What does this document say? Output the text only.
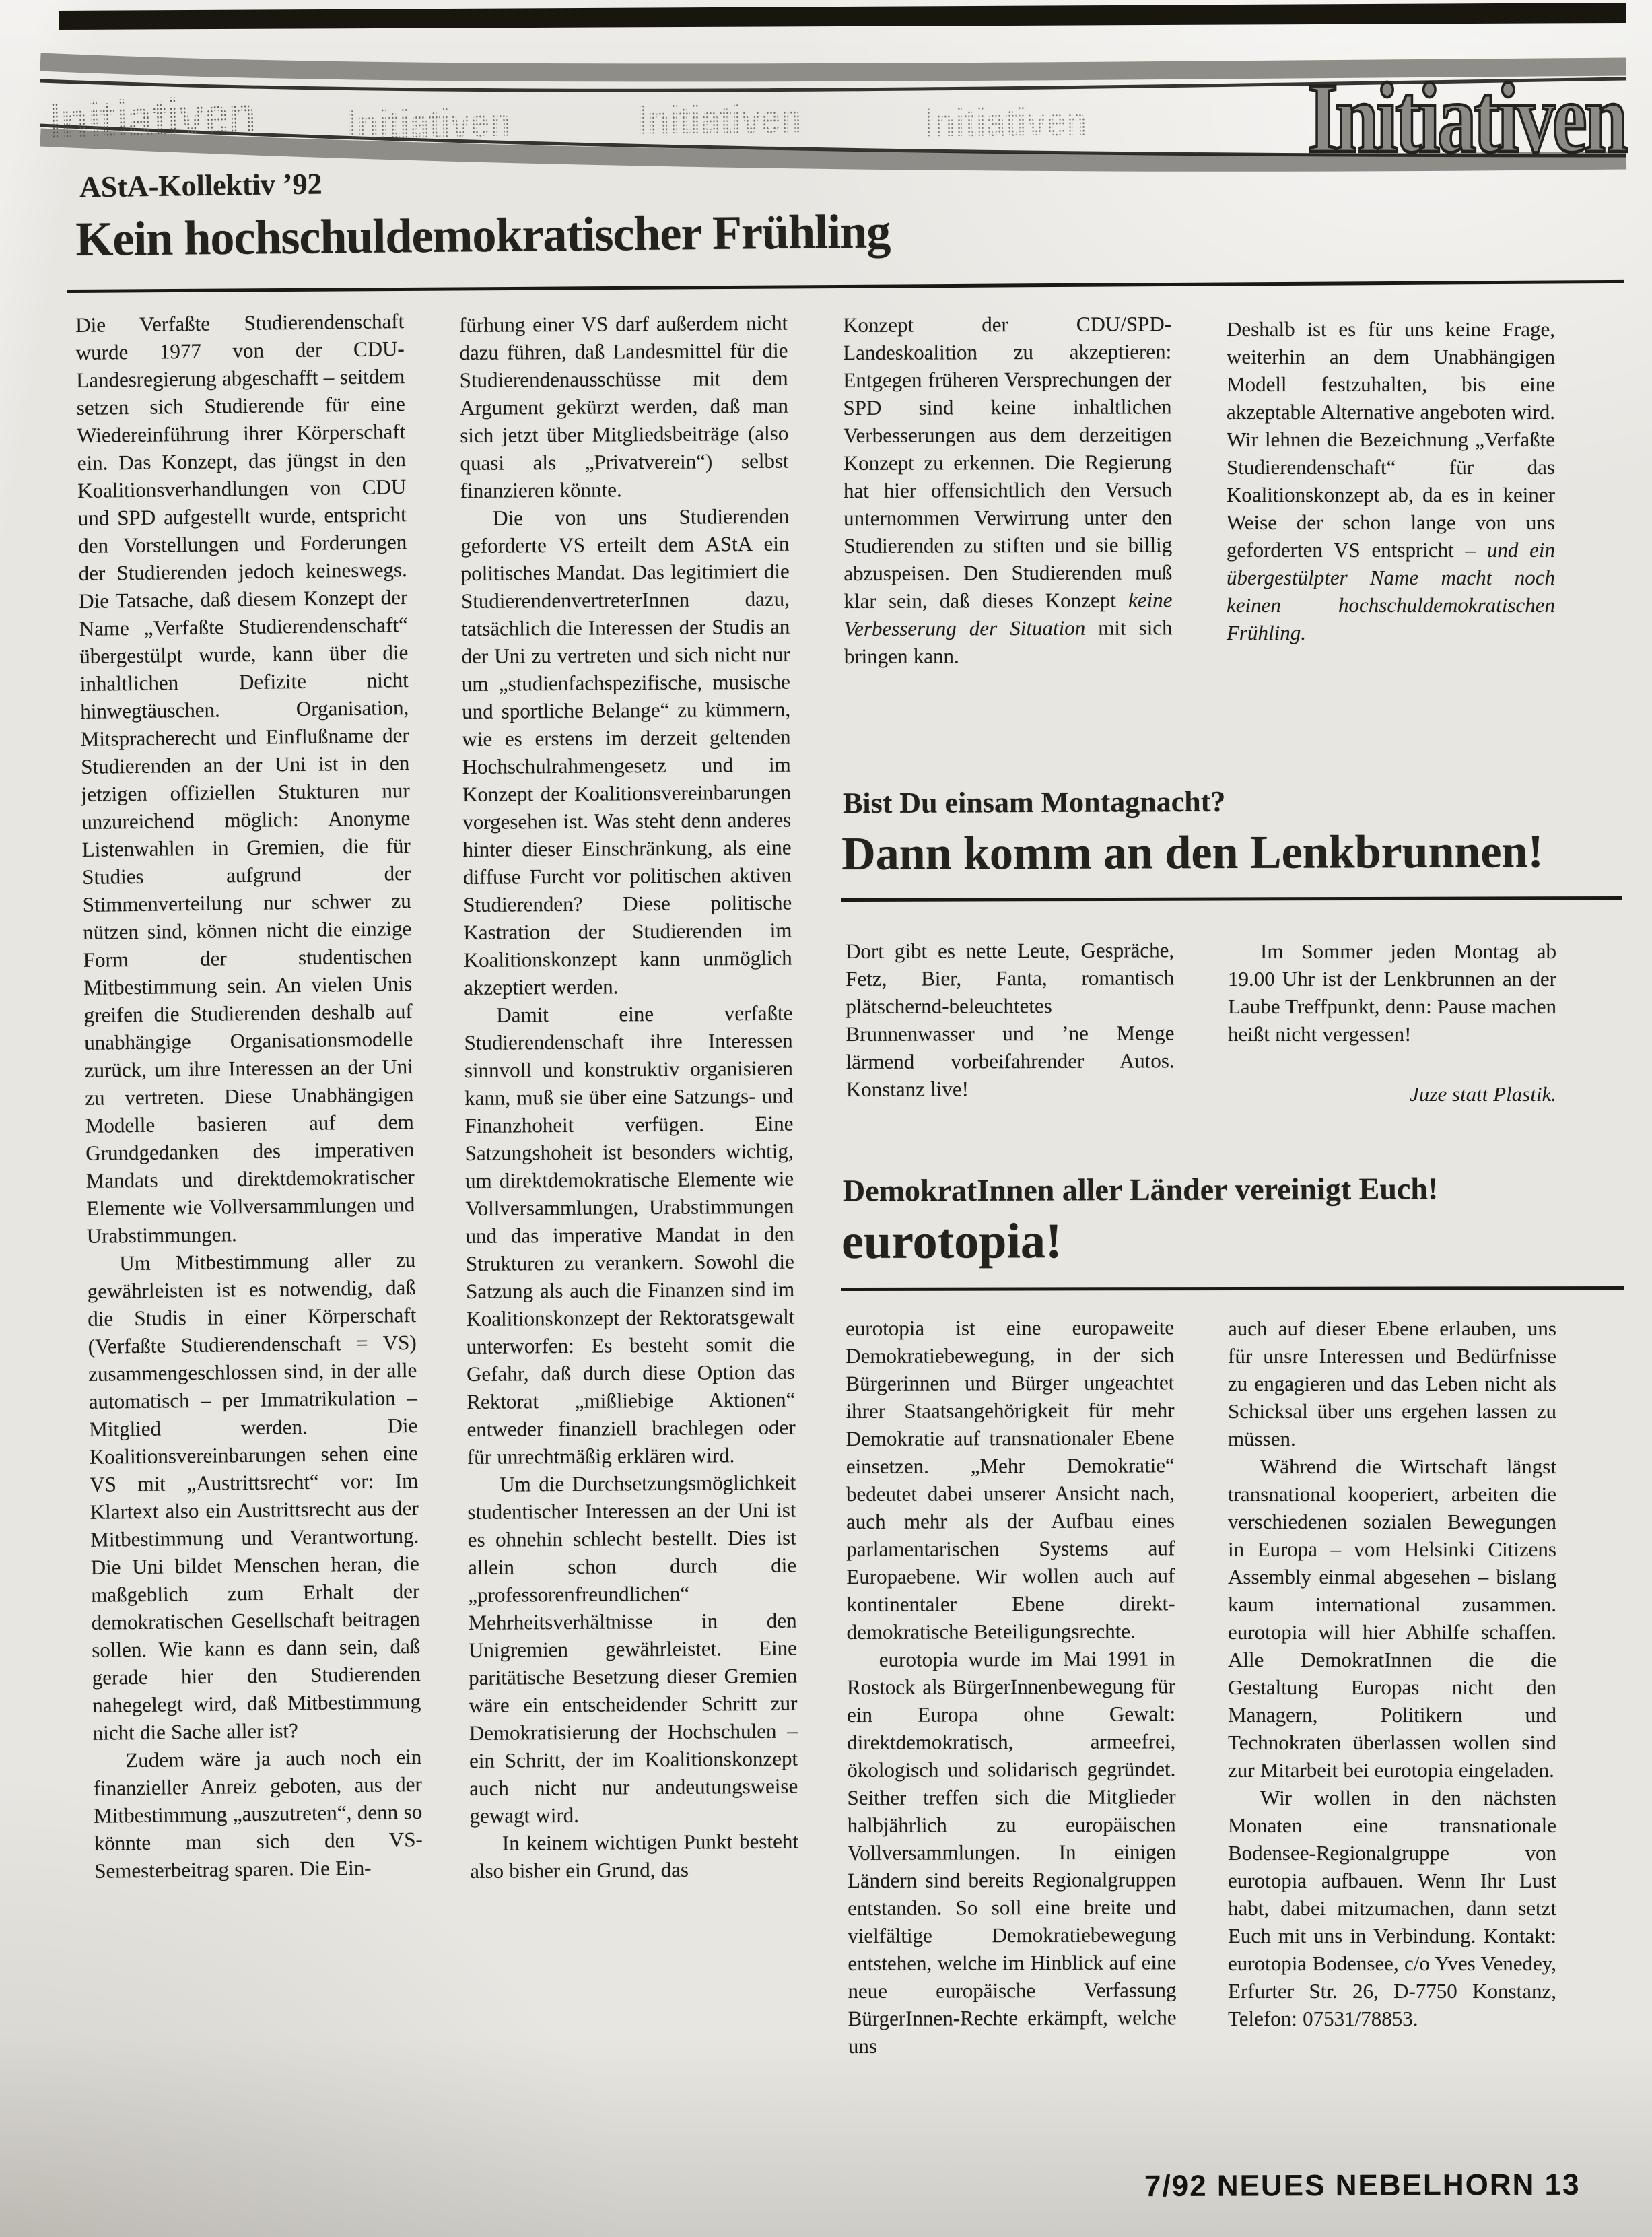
Initiativen	Initiativen	Initiativen	Initiativen	Initiativen
AStA-Kollektiv ’92
Kein hochschuldemokratischer Frühling

Die Verfaßte Studierendenschaft wurde 1977 von der CDU-Landesregierung abgeschafft – seitdem setzen sich Studierende für eine Wiedereinführung ihrer Körperschaft ein. Das Konzept, das jüngst in den Koalitionsverhandlungen von CDU und SPD aufgestellt wurde, entspricht den Vorstellungen und Forderungen der Studierenden jedoch keineswegs. Die Tatsache, daß diesem Konzept der Name „Verfaßte Studierendenschaft“ übergestülpt wurde, kann über die inhaltlichen Defizite nicht hinwegtäuschen. Organisation, Mitspracherecht und Einflußname der Studierenden an der Uni ist in den jetzigen offiziellen Stukturen nur unzureichend möglich: Anonyme Listenwahlen in Gremien, die für Studies aufgrund der Stimmenverteilung nur schwer zu nützen sind, können nicht die einzige Form der studentischen Mitbestimmung sein. An vielen Unis greifen die Studierenden deshalb auf unabhängige Organisationsmodelle zurück, um ihre Interessen an der Uni zu vertreten. Diese Unabhängigen Modelle basieren auf dem Grundgedanken des imperativen Mandats und direktdemokratischer Elemente wie Vollversammlungen und Urabstimmungen.

Um Mitbestimmung aller zu gewährleisten ist es notwendig, daß die Studis in einer Körperschaft (Verfaßte Studierendenschaft = VS) zusammengeschlossen sind, in der alle automatisch – per Immatrikulation – Mitglied werden. Die Koalitionsvereinbarungen sehen eine VS mit „Austrittsrecht“ vor: Im Klartext also ein Austrittsrecht aus der Mitbestimmung und Verantwortung. Die Uni bildet Menschen heran, die maßgeblich zum Erhalt der demokratischen Gesellschaft beitragen sollen. Wie kann es dann sein, daß gerade hier den Studierenden nahegelegt wird, daß Mitbestimmung nicht die Sache aller ist?

Zudem wäre ja auch noch ein finanzieller Anreiz geboten, aus der Mitbestimmung „auszutreten“, denn so könnte man sich den VS-Semesterbeitrag sparen. Die Ein-

fürhung einer VS darf außerdem nicht dazu führen, daß Landesmittel für die Studierendenausschüsse mit dem Argument gekürzt werden, daß man sich jetzt über Mitgliedsbeiträge (also quasi als „Privatverein“) selbst finanzieren könnte.

Die von uns Studierenden geforderte VS erteilt dem AStA ein politisches Mandat. Das legitimiert die StudierendenvertreterInnen dazu, tatsächlich die Interessen der Studis an der Uni zu vertreten und sich nicht nur um „studienfachspezifische, musische und sportliche Belange“ zu kümmern, wie es erstens im derzeit geltenden Hochschulrahmengesetz und im Konzept der Koalitionsvereinbarungen vorgesehen ist. Was steht denn anderes hinter dieser Einschränkung, als eine diffuse Furcht vor politischen aktiven Studierenden? Diese politische Kastration der Studierenden im Koalitionskonzept kann unmöglich akzeptiert werden.

Damit eine verfaßte Studierendenschaft ihre Interessen sinnvoll und konstruktiv organisieren kann, muß sie über eine Satzungs- und Finanzhoheit verfügen. Eine Satzungshoheit ist besonders wichtig, um direktdemokratische Elemente wie Vollversammlungen, Urabstimmungen und das imperative Mandat in den Strukturen zu verankern. Sowohl die Satzung als auch die Finanzen sind im Koalitionskonzept der Rektoratsgewalt unterworfen: Es besteht somit die Gefahr, daß durch diese Option das Rektorat „mißliebige Aktionen“ entweder finanziell brachlegen oder für unrechtmäßig erklären wird.

Um die Durchsetzungsmöglichkeit studentischer Interessen an der Uni ist es ohnehin schlecht bestellt. Dies ist allein schon durch die „professorenfreundlichen“ Mehrheitsverhältnisse in den Unigremien gewährleistet. Eine paritätische Besetzung dieser Gremien wäre ein entscheidender Schritt zur Demokratisierung der Hochschulen – ein Schritt, der im Koalitionskonzept auch nicht nur andeutungsweise gewagt wird.

In keinem wichtigen Punkt besteht also bisher ein Grund, das

Konzept der CDU/SPD-Landeskoalition zu akzeptieren: Entgegen früheren Versprechungen der SPD sind keine inhaltlichen Verbesserungen aus dem derzeitigen Konzept zu erkennen. Die Regierung hat hier offensichtlich den Versuch unternommen Verwirrung unter den Studierenden zu stiften und sie billig abzuspeisen. Den Studierenden muß klar sein, daß dieses Konzept keine Verbesserung der Situation mit sich bringen kann.

Deshalb ist es für uns keine Frage, weiterhin an dem Unabhängigen Modell festzuhalten, bis eine akzeptable Alternative angeboten wird. Wir lehnen die Bezeichnung „Verfaßte Studierendenschaft“ für das Koalitionskonzept ab, da es in keiner Weise der schon lange von uns geforderten VS entspricht – und ein übergestülpter Name macht noch keinen hochschuldemokratischen Frühling.

Bist Du einsam Montagnacht?
Dann komm an den Lenkbrunnen!

Dort gibt es nette Leute, Gespräche, Fetz, Bier, Fanta, romantisch plätschernd-beleuchtetes Brunnenwasser und ’ne Menge lärmend vorbeifahrender Autos. Konstanz live!

Im Sommer jeden Montag ab 19.00 Uhr ist der Lenkbrunnen an der Laube Treffpunkt, denn: Pause machen heißt nicht vergessen!

Juze statt Plastik.
DemokratInnen aller Länder vereinigt Euch!
eurotopia!

eurotopia ist eine europaweite Demokratiebewegung, in der sich Bürgerinnen und Bürger ungeachtet ihrer Staatsangehörigkeit für mehr Demokratie auf transnationaler Ebene einsetzen. „Mehr Demokratie“ bedeutet dabei unserer Ansicht nach, auch mehr als der Aufbau eines parlamentarischen Systems auf Europaebene. Wir wollen auch auf kontinentaler Ebene direkt-demokratische Beteiligungsrechte.

eurotopia wurde im Mai 1991 in Rostock als BürgerInnenbewegung für ein Europa ohne Gewalt: direktdemokratisch, armeefrei, ökologisch und solidarisch gegründet. Seither treffen sich die Mitglieder halbjährlich zu europäischen Vollversammlungen. In einigen Ländern sind bereits Regionalgruppen entstanden. So soll eine breite und vielfältige Demokratiebewegung entstehen, welche im Hinblick auf eine neue europäische Verfassung BürgerInnen-Rechte erkämpft, welche uns

auch auf dieser Ebene erlauben, uns für unsre Interessen und Bedürfnisse zu engagieren und das Leben nicht als Schicksal über uns ergehen lassen zu müssen.

Während die Wirtschaft längst transnational kooperiert, arbeiten die verschiedenen sozialen Bewegungen in Europa – vom Helsinki Citizens Assembly einmal abgesehen – bislang kaum international zusammen. eurotopia will hier Abhilfe schaffen. Alle DemokratInnen die die Gestaltung Europas nicht den Managern, Politikern und Technokraten überlassen wollen sind zur Mitarbeit bei eurotopia eingeladen.

Wir wollen in den nächsten Monaten eine transnationale Bodensee-Regionalgruppe von eurotopia aufbauen. Wenn Ihr Lust habt, dabei mitzumachen, dann setzt Euch mit uns in Verbindung. Kontakt: eurotopia Bodensee, c/o Yves Venedey, Erfurter Str. 26, D-7750 Konstanz, Telefon: 07531/78853.

7/92 NEUES NEBELHORN 13
